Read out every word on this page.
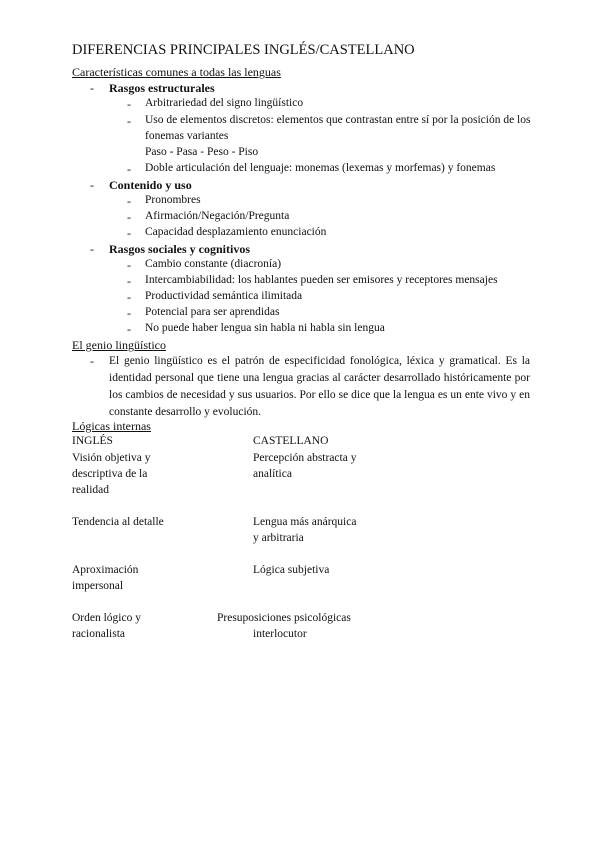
DIFERENCIAS PRINCIPALES INGLÉS/CASTELLANO
Características comunes a todas las lenguas
- Rasgos estructurales
- Arbitrariedad del signo lingüístico
- Uso de elementos discretos: elementos que contrastan entre sí por la posición de los
fonemas variantes
Paso - Pasa - Peso - Piso
- Doble articulación del lenguaje: monemas (lexemas y morfemas) y fonemas
- Contenido y uso
- Pronombres
- Afirmación/Negación/Pregunta
- Capacidad desplazamiento enunciación
- Rasgos sociales y cognitivos
- Cambio constante (diacronía)
- Intercambiabilidad: los hablantes pueden ser emisores y receptores mensajes
- Productividad semántica ilimitada
- Potencial para ser aprendidas
- No puede haber lengua sin habla ni habla sin lengua
El genio lingüístico
- El genio lingüístico es el patrón de especificidad fonológica, léxica y gramatical. Es la
identidad personal que tiene una lengua gracias al carácter desarrollado históricamente por
los cambios de necesidad y sus usuarios. Por ello se dice que la lengua es un ente vivo y en
constante desarrollo y evolución.
Lógicas internas
INGLÉS	CASTELLANO
Visión objetiva y
descriptiva de la
realidad
Percepción abstracta y
analítica
Tendencia al detalle	Lengua más anárquica
y arbitraria
Aproximación
impersonal
Lógica subjetiva
Orden lógico y
racionalista
Presuposiciones psicológicas
interlocutor
